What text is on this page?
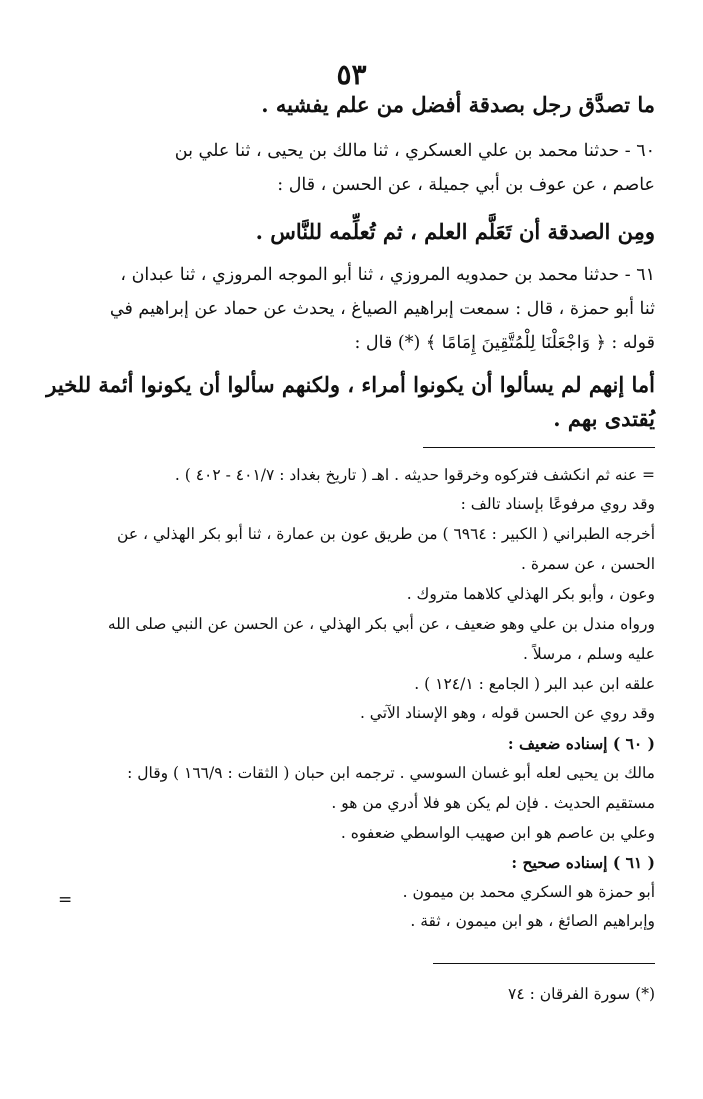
٥٣
ما تصدَّق رجل بصدقة أفضل من علم يفشيه .
٦٠ - حدثنا محمد بن علي العسكري ، ثنا مالك بن يحيى ، ثنا علي بن
عاصم ، عن عوف بن أبي جميلة ، عن الحسن ، قال :
ومِن الصدقة أن تَعَلَّم العلم ، ثم تُعلِّمه للنَّاس .
٦١ - حدثنا محمد بن حمدويه المروزي ، ثنا أبو الموجه المروزي ، ثنا عبدان ،
ثنا أبو حمزة ، قال : سمعت إبراهيم الصياغ ، يحدث عن حماد عن إبراهيم في
قوله : ﴿ وَاجْعَلْنَا لِلْمُتَّقِينَ إِمَامًا ﴾ (*) قال :
أما إنهم لم يسألوا أن يكونوا أمراء ، ولكنهم سألوا أن يكونوا أئمة للخير
يُقتدى بهم .
= عنه ثم انكشف فتركوه وخرقوا حديثه . اهـ ( تاريخ بغداد : ٤٠١/٧ - ٤٠٢ ) .
وقد روي مرفوعًا بإسناد تالف :
أخرجه الطبراني ( الكبير : ٦٩٦٤ ) من طريق عون بن عمارة ، ثنا أبو بكر الهذلي ، عن
الحسن ، عن سمرة .
وعون ، وأبو بكر الهذلي كلاهما متروك .
ورواه مندل بن علي وهو ضعيف ، عن أبي بكر الهذلي ، عن الحسن عن النبي صلى الله
عليه وسلم ، مرسلاً .
علقه ابن عبد البر ( الجامع : ١٢٤/١ ) .
وقد روي عن الحسن قوله ، وهو الإسناد الآتي .
( ٦٠ ) إسناده ضعيف :
مالك بن يحيى لعله أبو غسان السوسي . ترجمه ابن حبان ( الثقات : ١٦٦/٩ ) وقال :
مستقيم الحديث . فإن لم يكن هو فلا أدري من هو .
وعلي بن عاصم هو ابن صهيب الواسطي ضعفوه .
( ٦١ ) إسناده صحيح :
أبو حمزة هو السكري محمد بن ميمون .
وإبراهيم الصائغ ، هو ابن ميمون ، ثقة .
=
(*) سورة الفرقان : ٧٤
